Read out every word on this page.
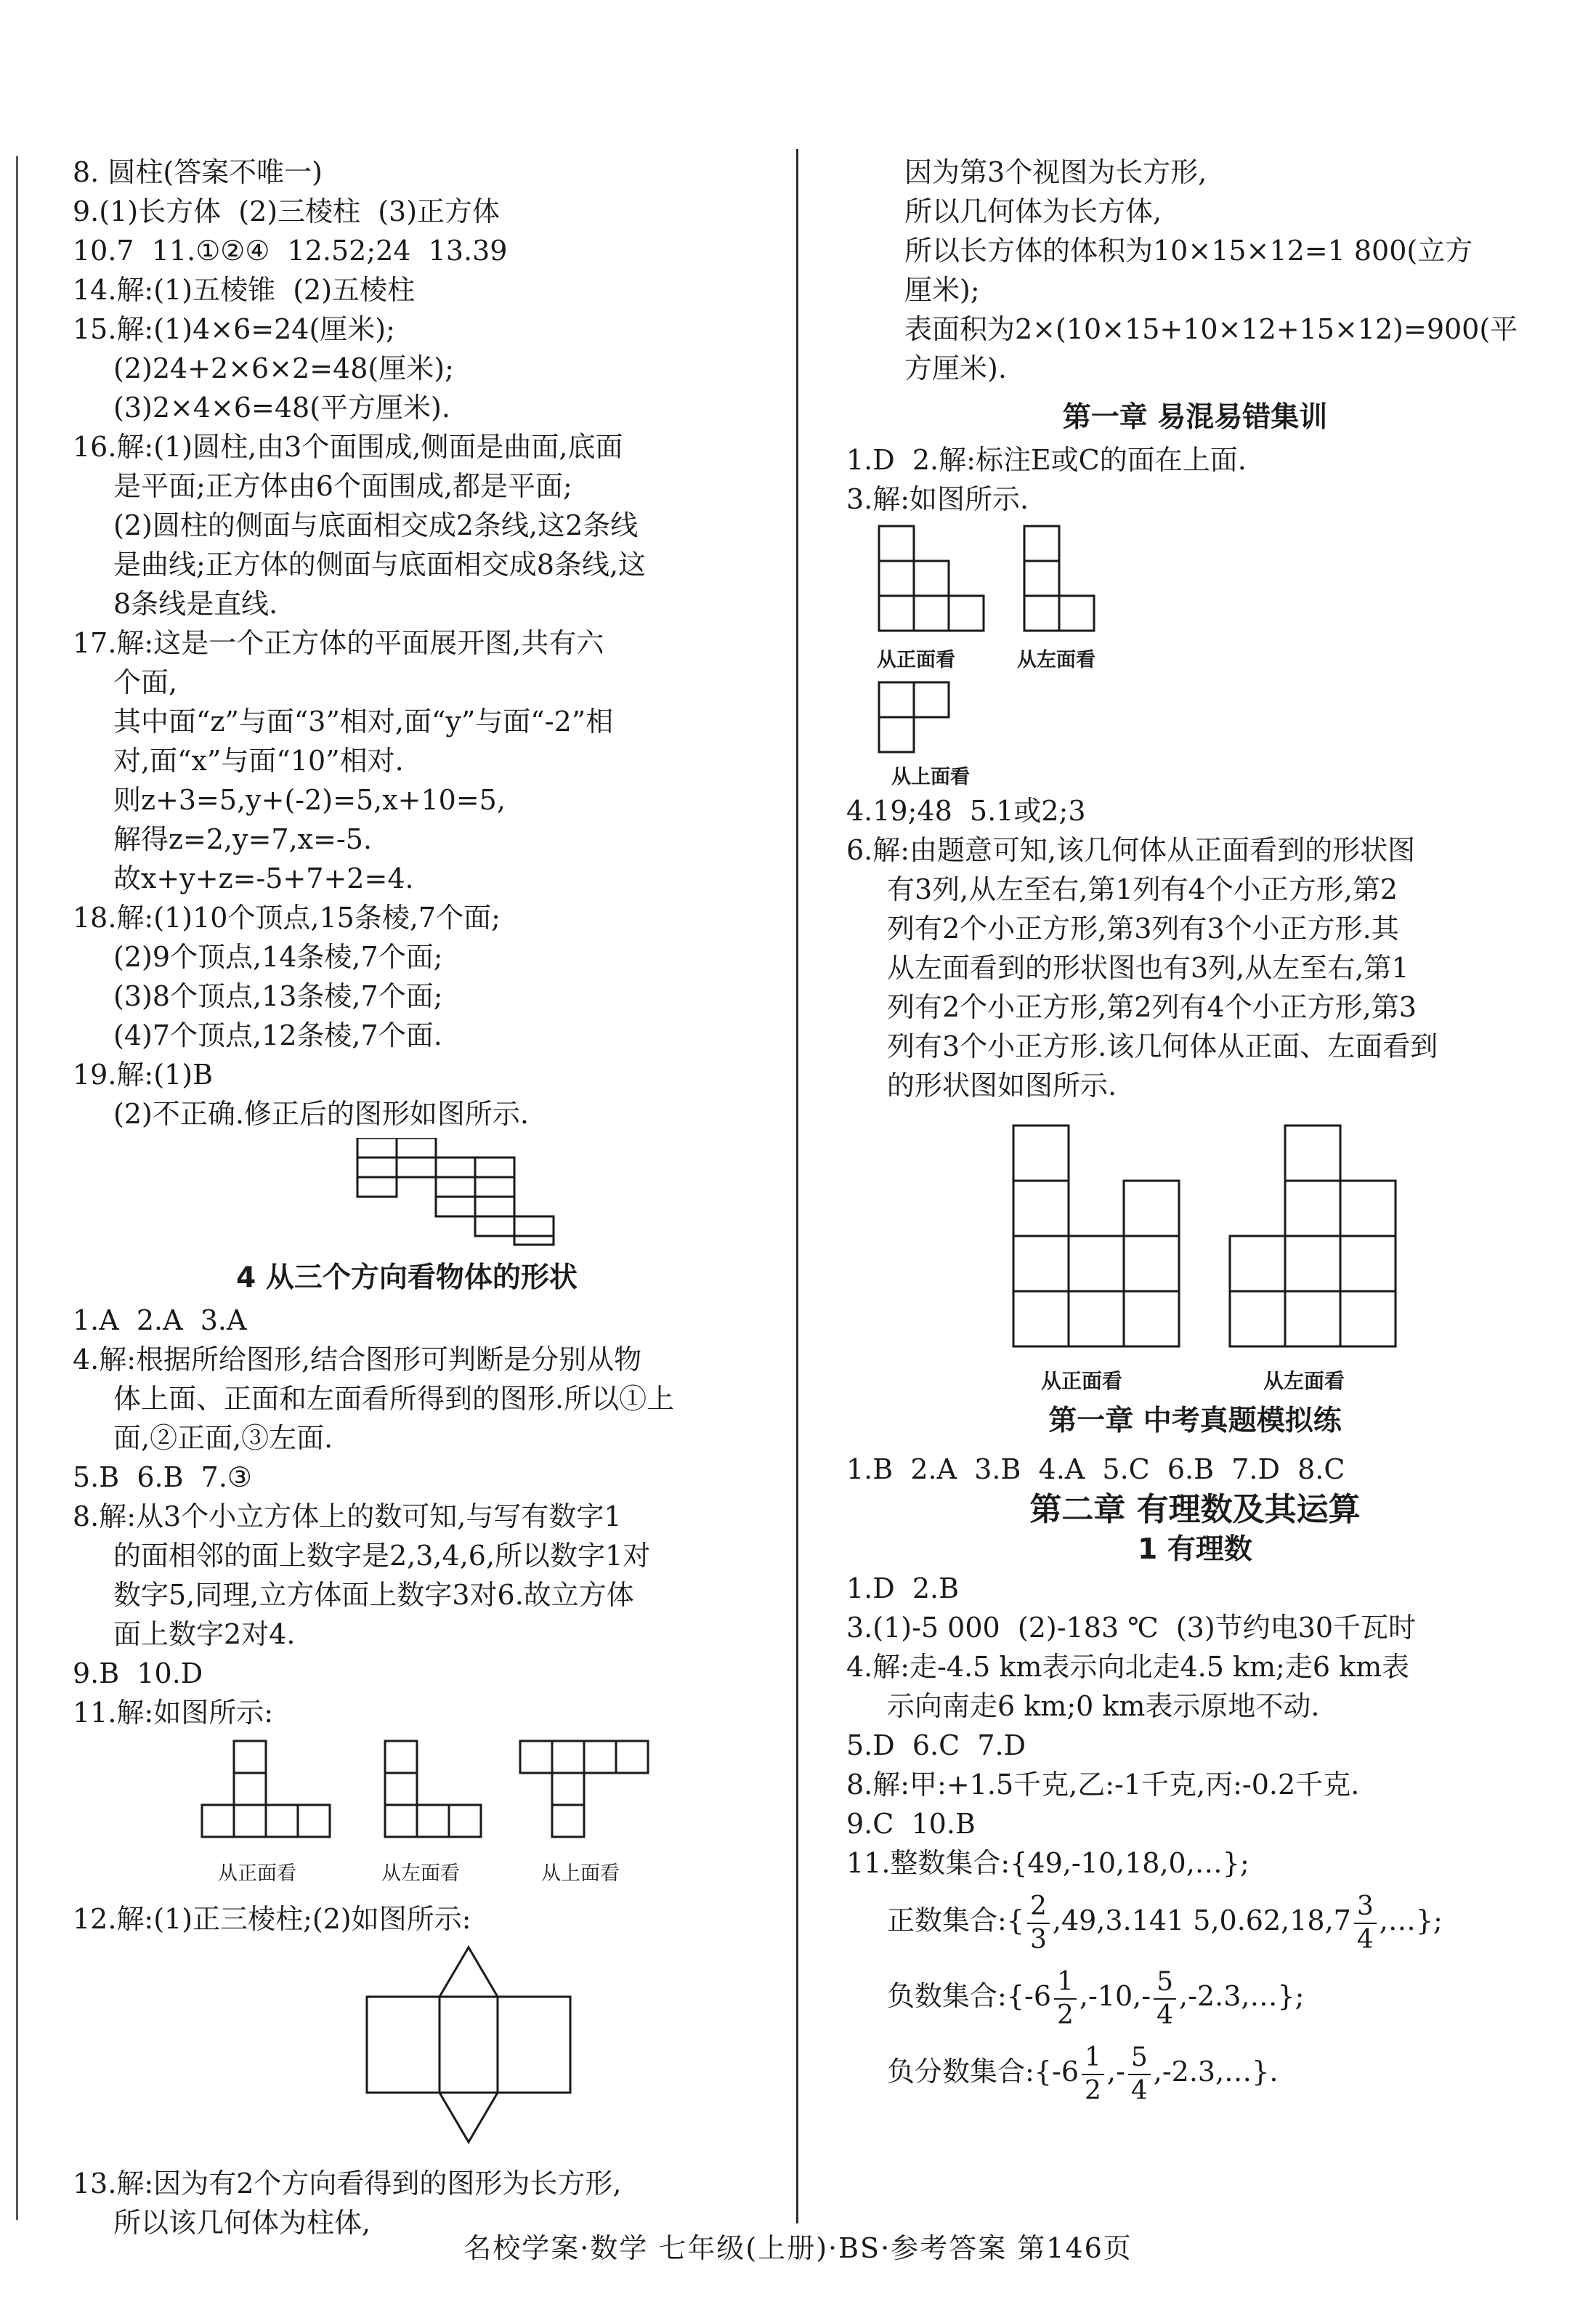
8. 圆柱(答案不唯一)
9.(1)长方体  (2)三棱柱  (3)正方体
10.7  11.①②④  12.52;24  13.39
14.解:(1)五棱锥  (2)五棱柱
15.解:(1)4×6=24(厘米);
(2)24+2×6×2=48(厘米);
(3)2×4×6=48(平方厘米).
16.解:(1)圆柱,由3个面围成,侧面是曲面,底面
是平面;正方体由6个面围成,都是平面;
(2)圆柱的侧面与底面相交成2条线,这2条线
是曲线;正方体的侧面与底面相交成8条线,这
8条线是直线.
17.解:这是一个正方体的平面展开图,共有六
个面,
其中面“z”与面“3”相对,面“y”与面“-2”相
对,面“x”与面“10”相对.
则z+3=5,y+(-2)=5,x+10=5,
解得z=2,y=7,x=-5.
故x+y+z=-5+7+2=4.
18.解:(1)10个顶点,15条棱,7个面;
(2)9个顶点,14条棱,7个面;
(3)8个顶点,13条棱,7个面;
(4)7个顶点,12条棱,7个面.
19.解:(1)B
(2)不正确.修正后的图形如图所示.
4 从三个方向看物体的形状
1.A  2.A  3.A
4.解:根据所给图形,结合图形可判断是分别从物
体上面、正面和左面看所得到的图形.所以①上
面,②正面,③左面.
5.B  6.B  7.③
8.解:从3个小立方体上的数可知,与写有数字1
的面相邻的面上数字是2,3,4,6,所以数字1对
数字5,同理,立方体面上数字3对6.故立方体
面上数字2对4.
9.B  10.D
11.解:如图所示:
从正面看	从左面看	从上面看
12.解:(1)正三棱柱;(2)如图所示:
13.解:因为有2个方向看得到的图形为长方形,
所以该几何体为柱体,
因为第3个视图为长方形,
所以几何体为长方体,
所以长方体的体积为10×15×12=1 800(立方
厘米);
表面积为2×(10×15+10×12+15×12)=900(平
方厘米).
第一章 易混易错集训
1.D  2.解:标注E或C的面在上面.
3.解:如图所示.
从正面看	从左面看
从上面看
4.19;48  5.1或2;3
6.解:由题意可知,该几何体从正面看到的形状图
有3列,从左至右,第1列有4个小正方形,第2
列有2个小正方形,第3列有3个小正方形.其
从左面看到的形状图也有3列,从左至右,第1
列有2个小正方形,第2列有4个小正方形,第3
列有3个小正方形.该几何体从正面、左面看到
的形状图如图所示.
从正面看	从左面看
第一章 中考真题模拟练
1.B  2.A  3.B  4.A  5.C  6.B  7.D  8.C
第二章 有理数及其运算
1 有理数
1.D  2.B
3.(1)-5 000  (2)-183 ℃  (3)节约电30千瓦时
4.解:走-4.5 km表示向北走4.5 km;走6 km表
示向南走6 km;0 km表示原地不动.
5.D  6.C  7.D
8.解:甲:+1.5千克,乙:-1千克,丙:-0.2千克.
9.C  10.B
11.整数集合:{49,-10,18,0,…};
正数集合:{ $\frac{2}{3} ,49,3.141$ $5,0.62,18,7 \frac{3}{4}$ ,…};
负数集合:{-6 $\frac{1}{2} ,-10,- \frac{5}{4}$ ,-2.3,…};
负分数集合:{-6 $\frac{1}{2}$ ,- $\frac{5}{4}$ ,-2.3,…}.
名校学案·数学 七年级(上册)·BS·参考答案 第146页
